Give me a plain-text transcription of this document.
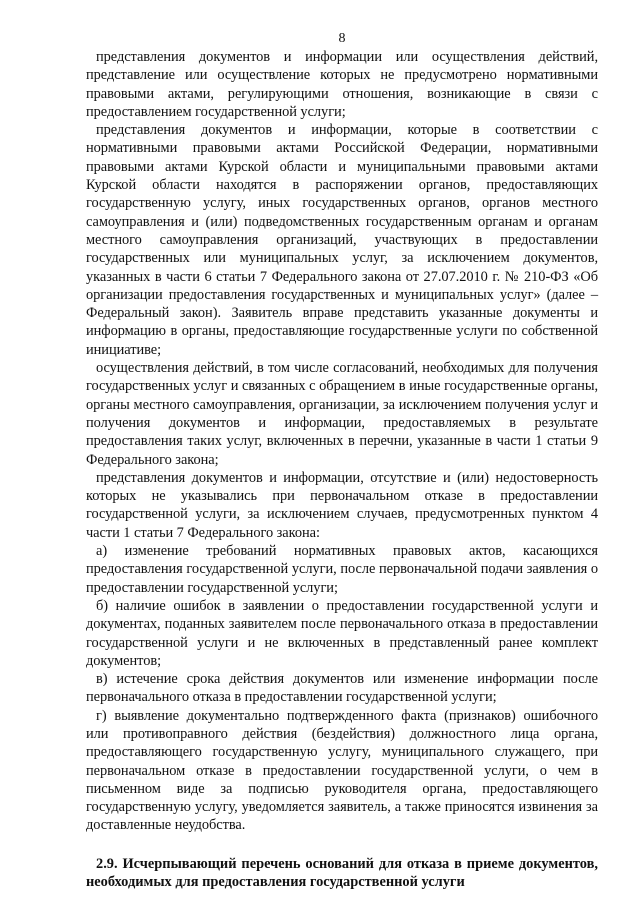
8

представления документов и информации или осуществления действий, представление или осуществление которых не предусмотрено нормативными правовыми актами, регулирующими отношения, возникающие в связи с предоставлением государственной услуги;

представления документов и информации, которые в соответствии с нормативными правовыми актами Российской Федерации, нормативными правовыми актами Курской области и муниципальными правовыми актами Курской области находятся в распоряжении органов, предоставляющих государственную услугу, иных государственных органов, органов местного самоуправления и (или) подведомственных государственным органам и органам местного самоуправления организаций, участвующих в предоставлении государственных или муниципальных услуг, за исключением документов, указанных в части 6 статьи 7 Федерального закона от 27.07.2010 г. № 210-ФЗ «Об организации предоставления государственных и муниципальных услуг» (далее – Федеральный закон). Заявитель вправе представить указанные документы и информацию в органы, предоставляющие государственные услуги по собственной инициативе;

осуществления действий, в том числе согласований, необходимых для получения государственных услуг и связанных с обращением в иные государственные органы, органы местного самоуправления, организации, за исключением получения услуг и получения документов и информации, предоставляемых в результате предоставления таких услуг, включенных в перечни, указанные в части 1 статьи 9 Федерального закона;

представления документов и информации, отсутствие и (или) недостоверность которых не указывались при первоначальном отказе в предоставлении государственной услуги, за исключением случаев, предусмотренных пунктом 4 части 1 статьи 7 Федерального закона:

а) изменение требований нормативных правовых актов, касающихся предоставления государственной услуги, после первоначальной подачи заявления о предоставлении государственной услуги;

б) наличие ошибок в заявлении о предоставлении государственной услуги и документах, поданных заявителем после первоначального отказа в предоставлении государственной услуги и не включенных в представленный ранее комплект документов;

в) истечение срока действия документов или изменение информации после первоначального отказа в предоставлении государственной услуги;

г) выявление документально подтвержденного факта (признаков) ошибочного или противоправного действия (бездействия) должностного лица органа, предоставляющего государственную услугу, муниципального служащего, при первоначальном отказе в предоставлении государственной услуги, о чем в письменном виде за подписью руководителя органа, предоставляющего государственную услугу, уведомляется заявитель, а также приносятся извинения за доставленные неудобства.

2.9. Исчерпывающий перечень оснований для отказа в приеме документов, необходимых для предоставления государственной услуги
